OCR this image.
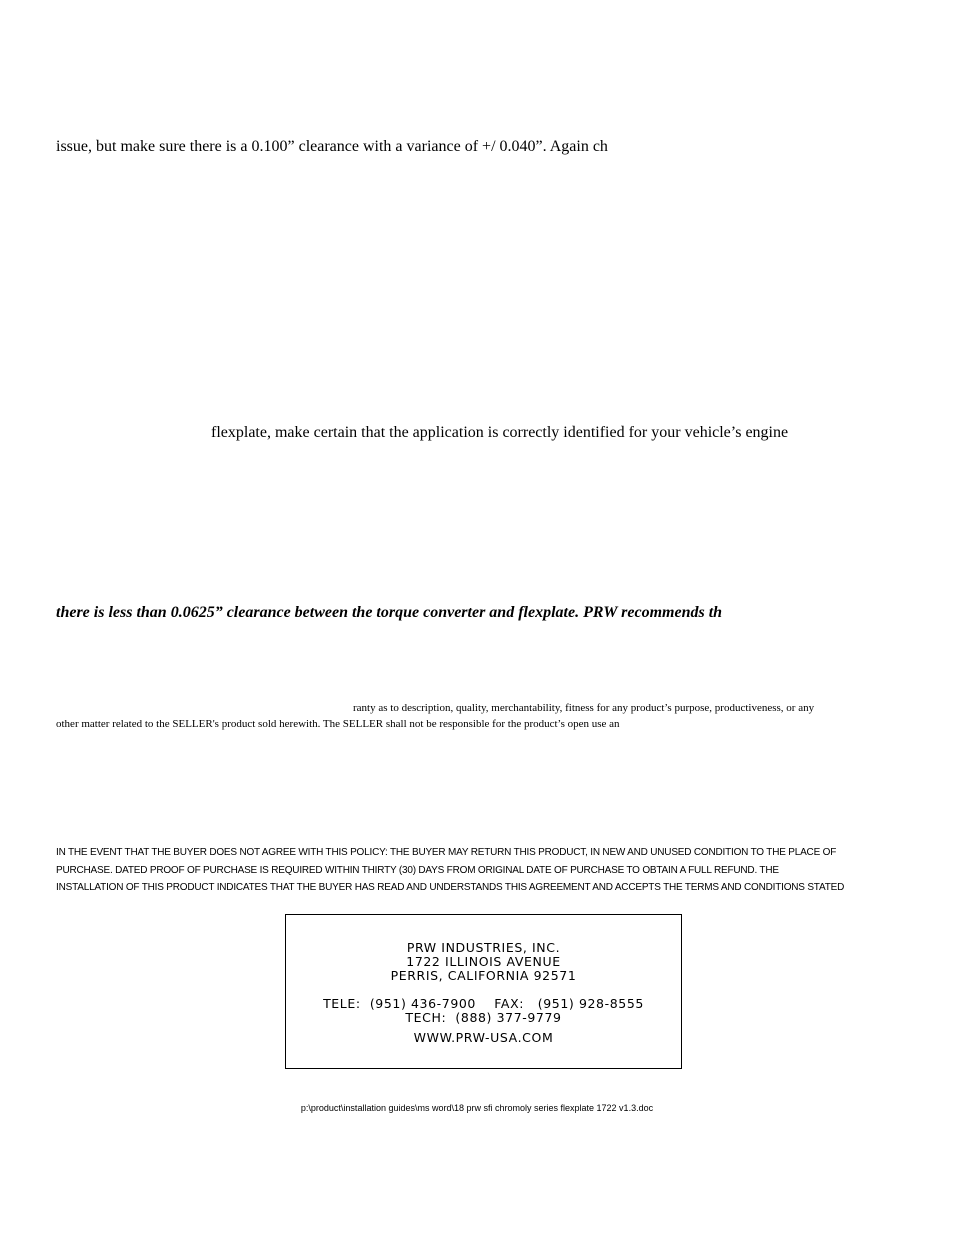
issue, but make sure there is a 0.100” clearance with a variance of +/ 0.040”. Again ch
flexplate, make certain that the application is correctly identified for your vehicle’s engine
there is less than 0.0625” clearance between the torque converter and flexplate. PRW recommends th
ranty as to description, quality, merchantability, fitness for any product’s purpose, productiveness, or any
other matter related to the SELLER's product sold herewith. The SELLER shall not be responsible for the product’s open use an
IN THE EVENT THAT THE BUYER DOES NOT AGREE WITH THIS POLICY: THE BUYER MAY RETURN THIS PRODUCT, IN NEW AND UNUSED CONDITION TO THE PLACE OF
PURCHASE. DATED PROOF OF PURCHASE IS REQUIRED WITHIN THIRTY (30) DAYS FROM ORIGINAL DATE OF PURCHASE TO OBTAIN A FULL REFUND. THE
INSTALLATION OF THIS PRODUCT INDICATES THAT THE BUYER HAS READ AND UNDERSTANDS THIS AGREEMENT AND ACCEPTS THE TERMS AND CONDITIONS STATED
PRW INDUSTRIES, INC.
1722 ILLINOIS AVENUE
PERRIS, CALIFORNIA 92571
TELE:  (951) 436-7900    FAX:   (951) 928-8555
TECH:  (888) 377-9779
WWW.PRW-USA.COM
p:\product\installation guides\ms word\18 prw sfi chromoly series flexplate 1722 v1.3.doc
